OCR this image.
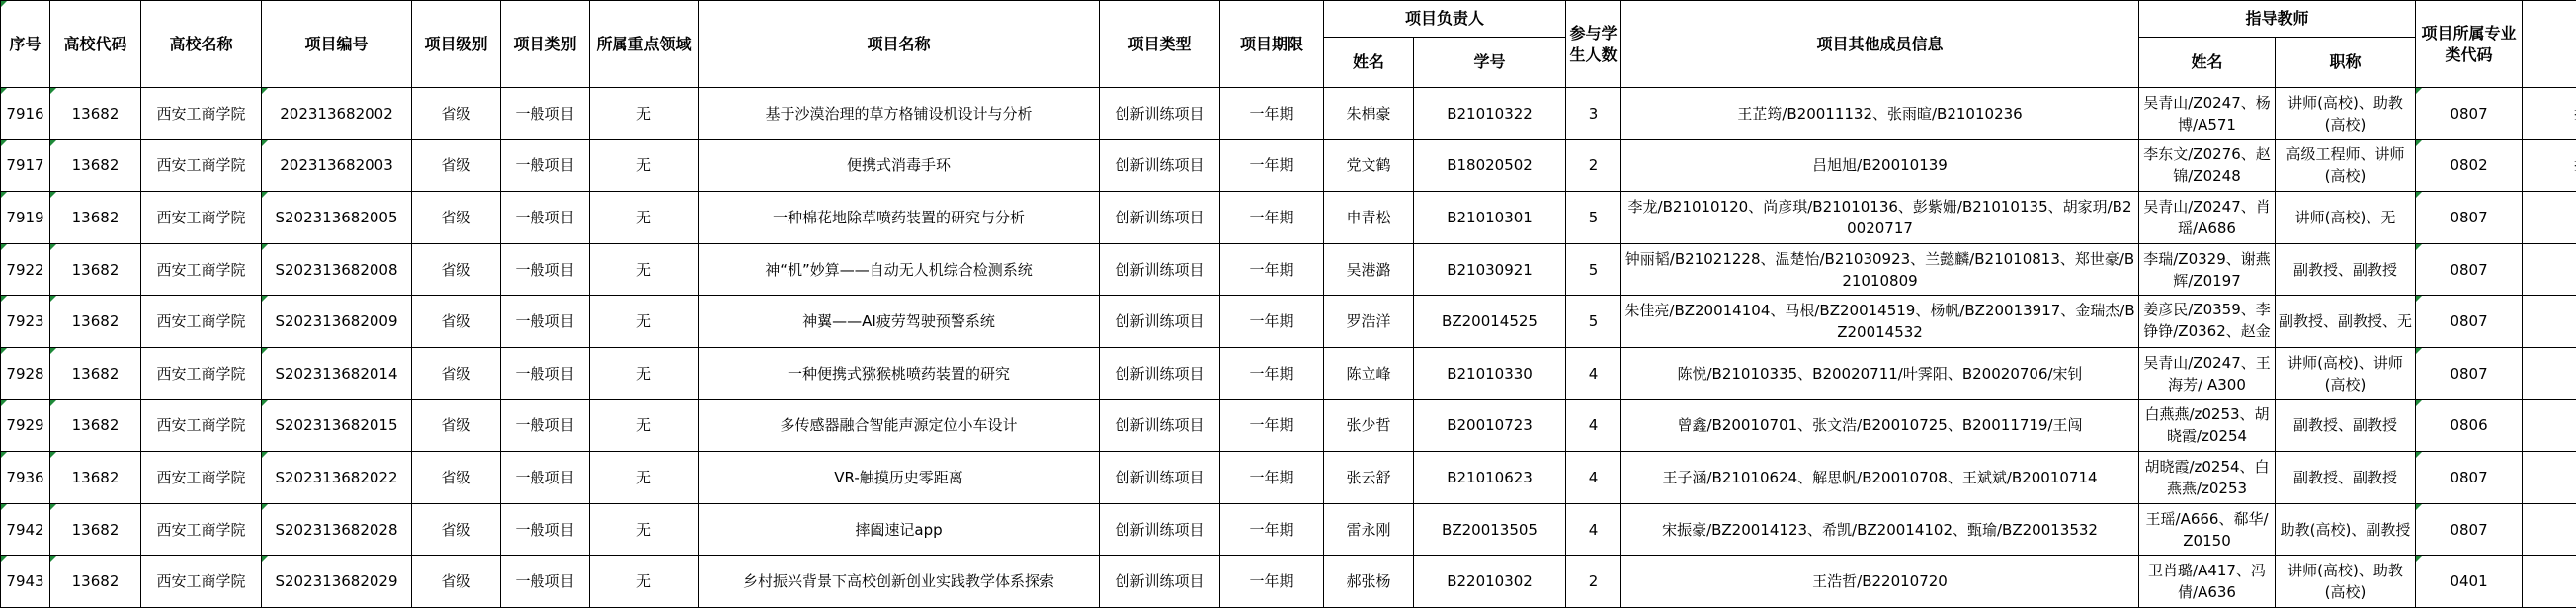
序号	高校代码	高校名称	项目编号	项目级别	项目类别	所属重点领域	项目名称	项目类型	项目期限	项目负责人		参与学生人数	项目其他成员信息	指导教师		项目所属专业类代码	
										姓名	学号			姓名	职称		
7916	13682	西安工商学院	202313682002	省级	一般项目	无	基于沙漠治理的草方格铺设机设计与分析	创新训练项目	一年期	朱棉豪	B21010322	3	王芷筠/B20011132、张雨暄/B21010236	吴青山/Z0247、杨博/A571	讲师(高校)、助教(高校)	0807	
7917	13682	西安工商学院	202313682003	省级	一般项目	无	便携式消毒手环	创新训练项目	一年期	党文鹤	B18020502	2	吕旭旭/B20010139	李东文/Z0276、赵锦/Z0248	高级工程师、讲师(高校)	0802	
7919	13682	西安工商学院	S202313682005	省级	一般项目	无	一种棉花地除草喷药装置的研究与分析	创新训练项目	一年期	申青松	B21010301	5	李龙/B21010120、尚彦琪/B21010136、彭紫姗/B21010135、胡家玥/B20020717	吴青山/Z0247、肖瑶/A686	讲师(高校)、无	0807	
7922	13682	西安工商学院	S202313682008	省级	一般项目	无	神“机”妙算——自动无人机综合检测系统	创新训练项目	一年期	吴港潞	B21030921	5	钟丽韬/B21021228、温楚怡/B21030923、兰懿麟/B21010813、郑世豪/B21010809	李瑞/Z0329、谢燕辉/Z0197	副教授、副教授	0807	
7923	13682	西安工商学院	S202313682009	省级	一般项目	无	神翼——AI疲劳驾驶预警系统	创新训练项目	一年期	罗浩洋	BZ20014525	5	朱佳亮/BZ20014104、马根/BZ20014519、杨帆/BZ20013917、金瑞杰/BZ20014532	姜彦民/Z0359、李铮铮/Z0362、赵金	副教授、副教授、无	0807	
7928	13682	西安工商学院	S202313682014	省级	一般项目	无	一种便携式猕猴桃喷药装置的研究	创新训练项目	一年期	陈立峰	B21010330	4	陈悦/B21010335、B20020711/叶霁阳、B20020706/宋钊	吴青山/Z0247、王海芳/ A300	讲师(高校)、讲师(高校)	0807	
7929	13682	西安工商学院	S202313682015	省级	一般项目	无	多传感器融合智能声源定位小车设计	创新训练项目	一年期	张少哲	B20010723	4	曾鑫/B20010701、张文浩/B20010725、B20011719/王闯	白燕燕/z0253、胡晓霞/z0254	副教授、副教授	0806	
7936	13682	西安工商学院	S202313682022	省级	一般项目	无	VR-触摸历史零距离	创新训练项目	一年期	张云舒	B21010623	4	王子涵/B21010624、解思帆/B20010708、王斌斌/B20010714	胡晓霞/z0254、白燕燕/z0253	副教授、副教授	0807	
7942	13682	西安工商学院	S202313682028	省级	一般项目	无	摔阖速记app	创新训练项目	一年期	雷永刚	BZ20013505	4	宋振豪/BZ20014123、希凯/BZ20014102、甄瑜/BZ20013532	王瑶/A666、郗华/Z0150	助教(高校)、副教授	0807	
7943	13682	西安工商学院	S202313682029	省级	一般项目	无	乡村振兴背景下高校创新创业实践教学体系探索	创新训练项目	一年期	郝张杨	B22010302	2	王浩哲/B22010720	卫肖璐/A417、冯倩/A636	讲师(高校)、助教(高校)	0401	
